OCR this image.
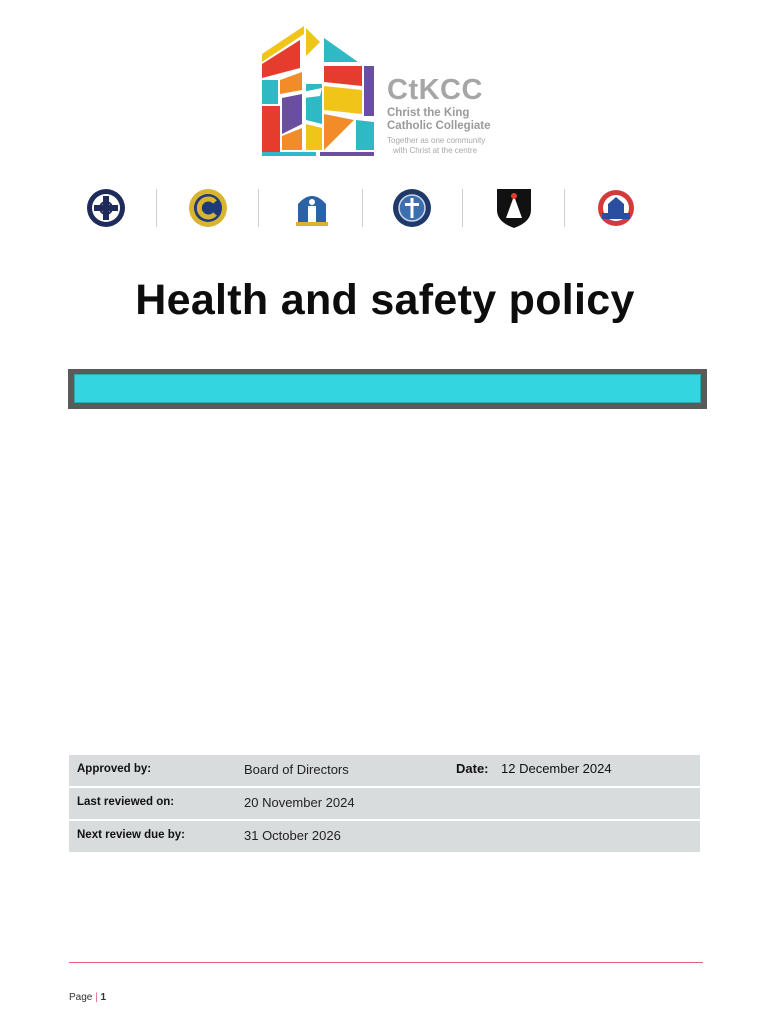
CtKCC
Christ the King
Catholic Collegiate
Together as one community
with Christ at the centre
Health and safety policy
Approved by:	Board of Directors	Date: 12 December 2024
Last reviewed on:	20 November 2024
Next review due by:	31 October 2026
Page | 1
